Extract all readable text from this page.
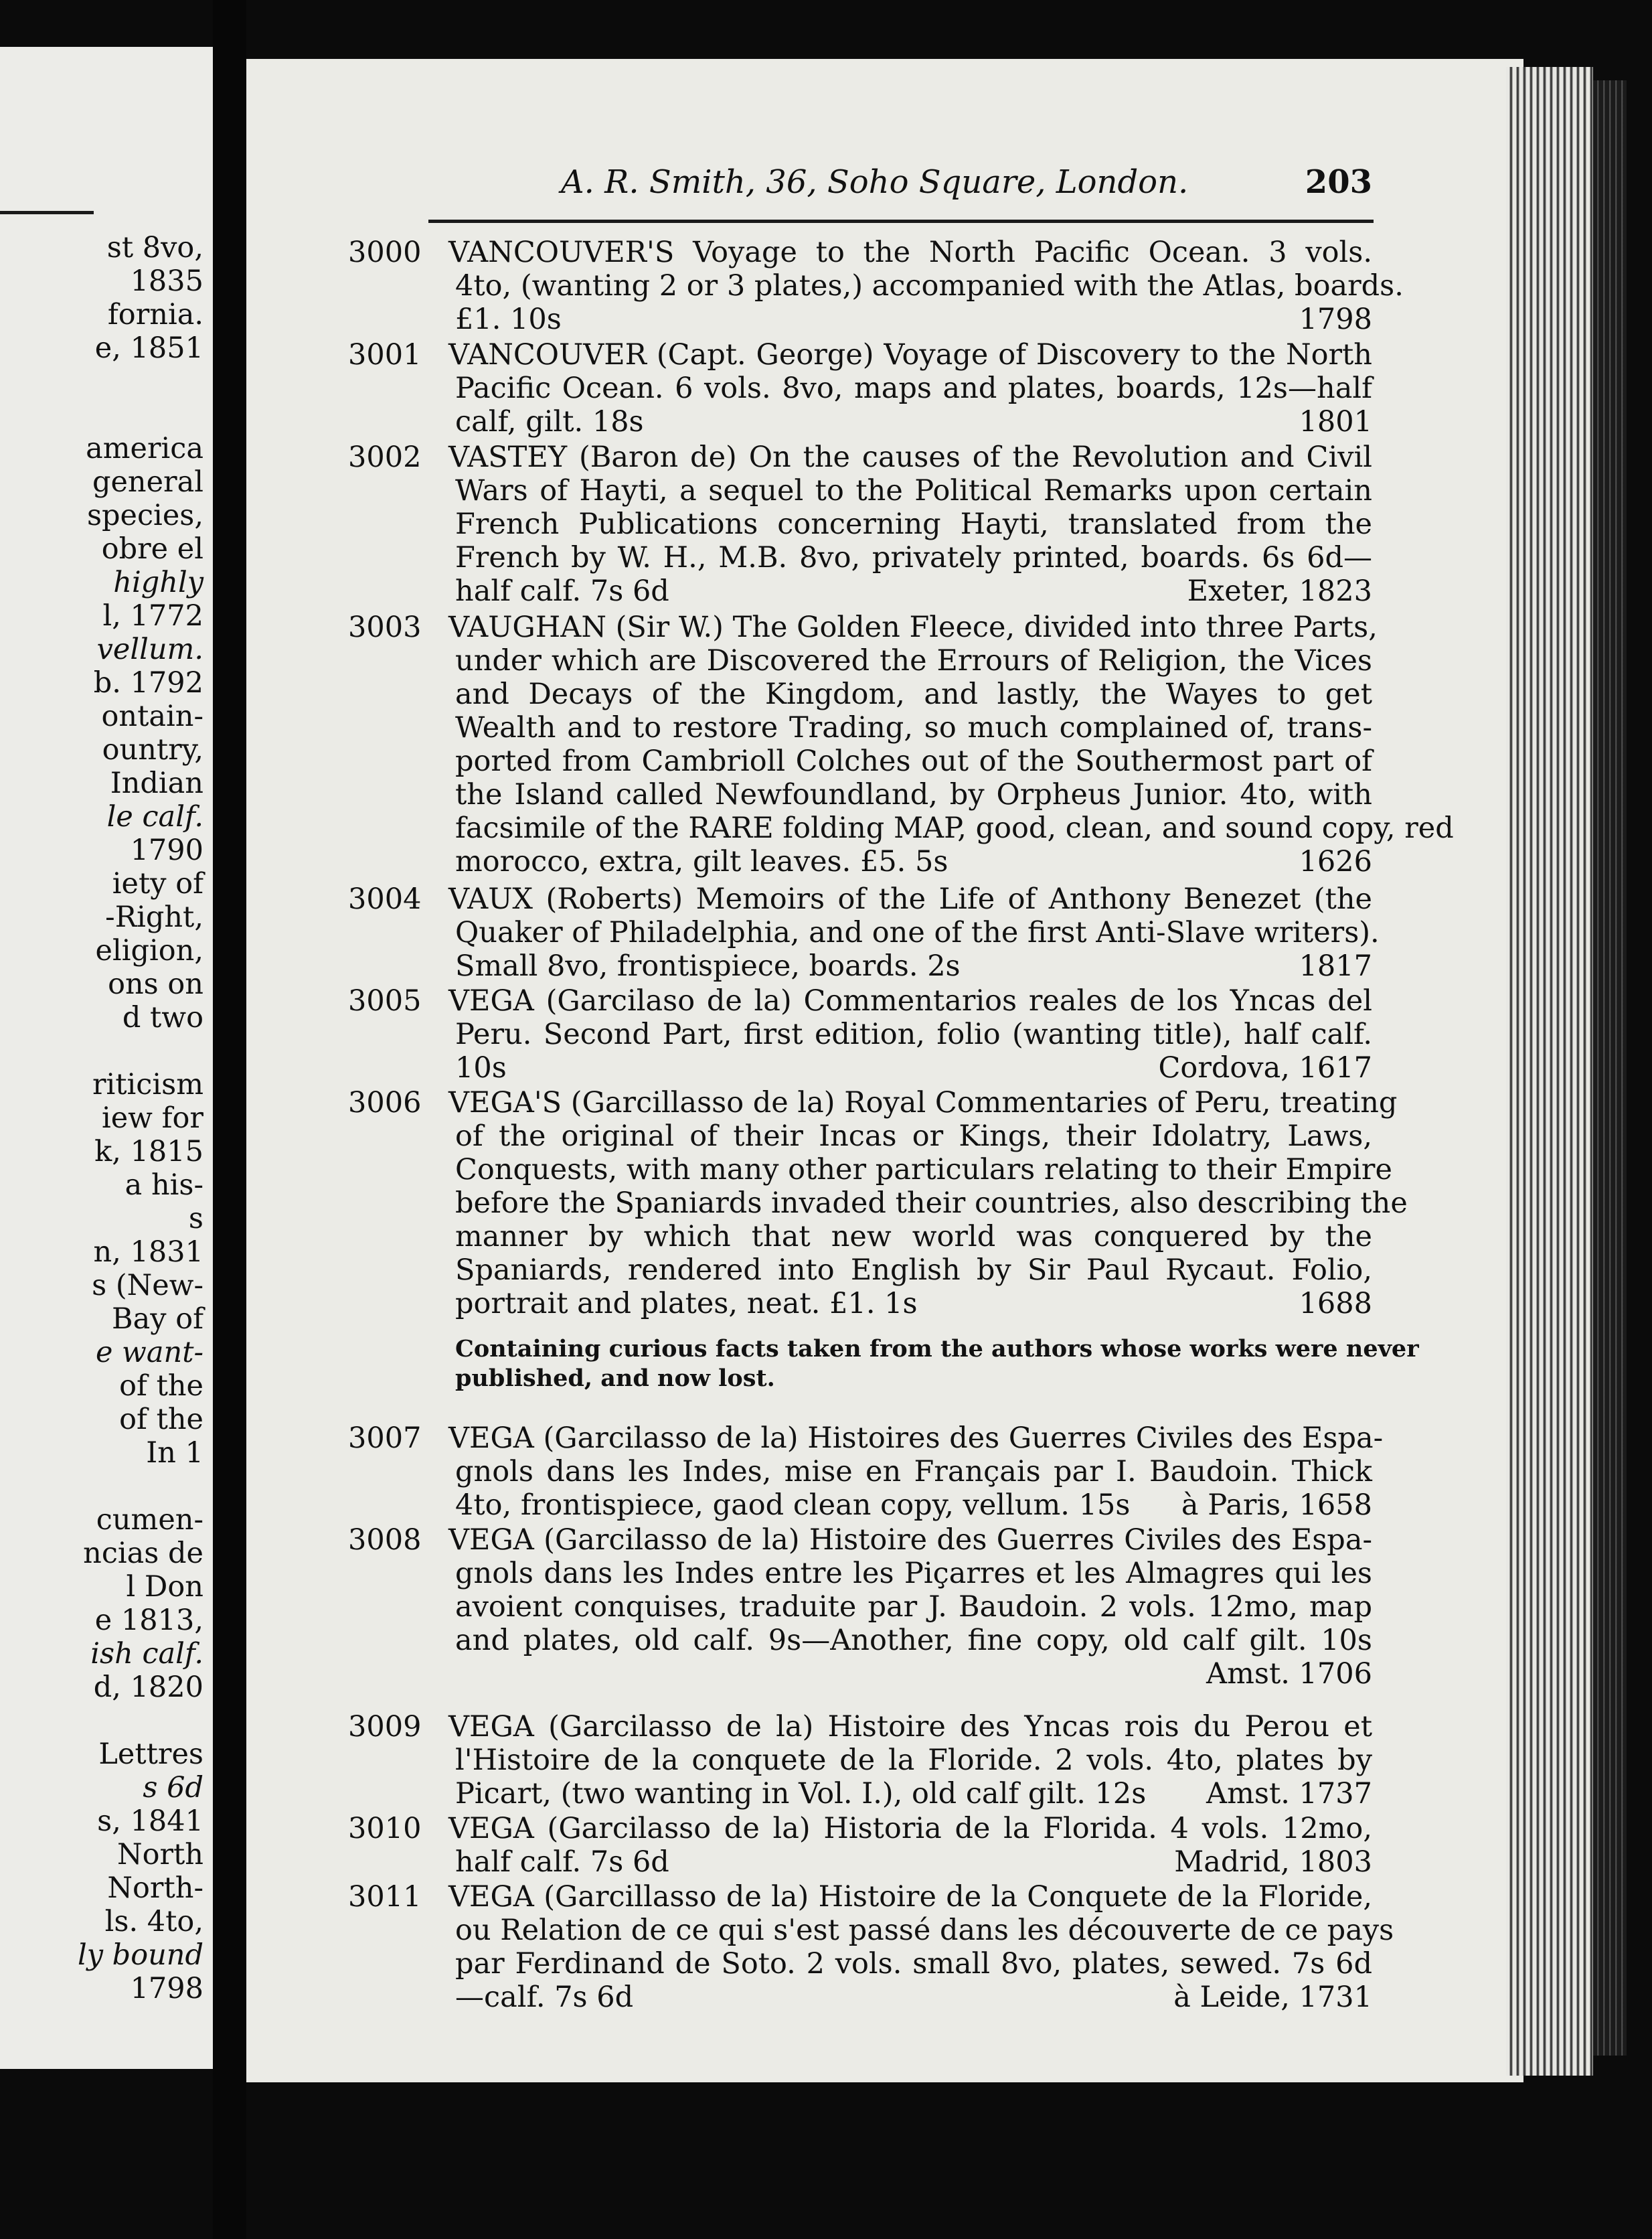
st 8vo,
1835
fornia.
e, 1851
america
general
species,
obre el
highly
l, 1772
vellum.
b. 1792
ontain-
ountry,
Indian
le calf.
1790
iety of
-Right,
eligion,
ons on
d two
riticism
iew for
k, 1815
a his-
s
n, 1831
s (New-
Bay of
e want-
of the
of the
In 1
cumen-
ncias de
l Don
e 1813,
ish calf.
d, 1820
Lettres
s 6d
s, 1841
North
North-
ls. 4to,
ly bound
1798
A. R. Smith, 36, Soho Square, London.	203
3000 VANCOUVER'S Voyage to the North Pacific Ocean. 3 vols.
4to, (wanting 2 or 3 plates,) accompanied with the Atlas, boards.
£1. 10s	1798
3001 VANCOUVER (Capt. George) Voyage of Discovery to the North
Pacific Ocean. 6 vols. 8vo, maps and plates, boards, 12s—half
calf, gilt. 18s	1801
3002 VASTEY (Baron de) On the causes of the Revolution and Civil
Wars of Hayti, a sequel to the Political Remarks upon certain
French Publications concerning Hayti, translated from the
French by W. H., M.B. 8vo, privately printed, boards. 6s 6d—
half calf. 7s 6d	Exeter, 1823
3003 VAUGHAN (Sir W.) The Golden Fleece, divided into three Parts,
under which are Discovered the Errours of Religion, the Vices
and Decays of the Kingdom, and lastly, the Wayes to get
Wealth and to restore Trading, so much complained of, trans-
ported from Cambrioll Colches out of the Southermost part of
the Island called Newfoundland, by Orpheus Junior. 4to, with
facsimile of the RARE folding MAP, good, clean, and sound copy, red
morocco, extra, gilt leaves. £5. 5s	1626
3004 VAUX (Roberts) Memoirs of the Life of Anthony Benezet (the
Quaker of Philadelphia, and one of the first Anti-Slave writers).
Small 8vo, frontispiece, boards. 2s	1817
3005 VEGA (Garcilaso de la) Commentarios reales de los Yncas del
Peru. Second Part, first edition, folio (wanting title), half calf.
10s	Cordova, 1617
3006 VEGA'S (Garcillasso de la) Royal Commentaries of Peru, treating
of the original of their Incas or Kings, their Idolatry, Laws,
Conquests, with many other particulars relating to their Empire
before the Spaniards invaded their countries, also describing the
manner by which that new world was conquered by the
Spaniards, rendered into English by Sir Paul Rycaut. Folio,
portrait and plates, neat. £1. 1s	1688
Containing curious facts taken from the authors whose works were never
published, and now lost.
3007 VEGA (Garcilasso de la) Histoires des Guerres Civiles des Espa-
gnols dans les Indes, mise en Français par I. Baudoin. Thick
4to, frontispiece, gaod clean copy, vellum. 15s	à Paris, 1658
3008 VEGA (Garcilasso de la) Histoire des Guerres Civiles des Espa-
gnols dans les Indes entre les Piçarres et les Almagres qui les
avoient conquises, traduite par J. Baudoin. 2 vols. 12mo, map
and plates, old calf. 9s—Another, fine copy, old calf gilt. 10s
Amst. 1706
3009 VEGA (Garcilasso de la) Histoire des Yncas rois du Perou et
l'Histoire de la conquete de la Floride. 2 vols. 4to, plates by
Picart, (two wanting in Vol. I.), old calf gilt. 12s	Amst. 1737
3010 VEGA (Garcilasso de la) Historia de la Florida. 4 vols. 12mo,
half calf. 7s 6d	Madrid, 1803
3011 VEGA (Garcillasso de la) Histoire de la Conquete de la Floride,
ou Relation de ce qui s'est passé dans les découverte de ce pays
par Ferdinand de Soto. 2 vols. small 8vo, plates, sewed. 7s 6d
—calf. 7s 6d	à Leide, 1731
